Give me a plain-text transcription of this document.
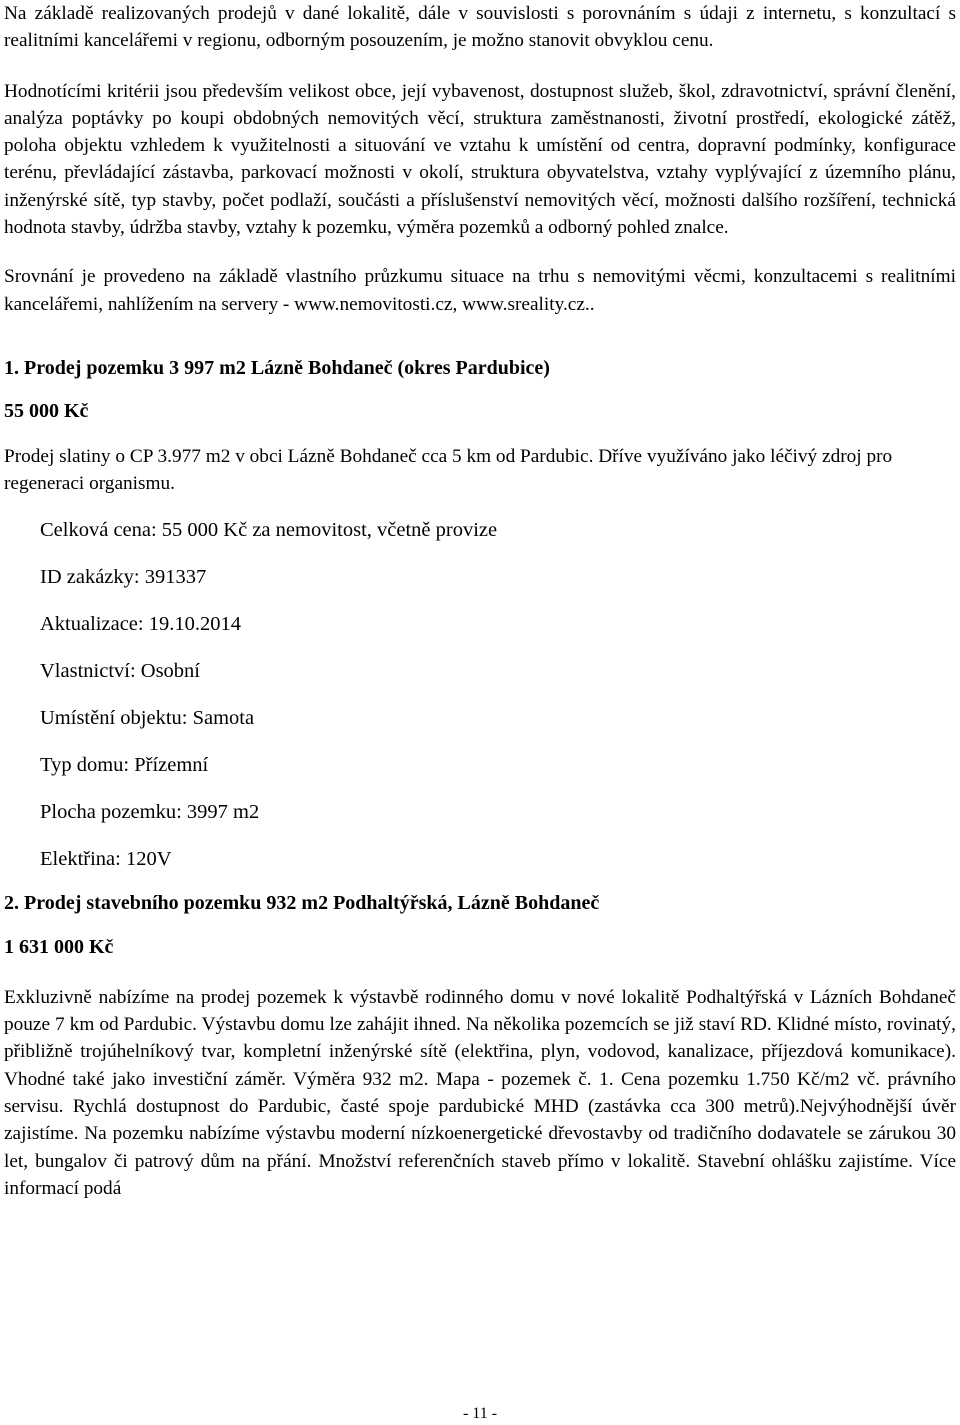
Na základě realizovaných prodejů v dané lokalitě, dále v souvislosti s porovnáním s údaji z internetu, s konzultací s realitními kancelářemi v regionu, odborným posouzením, je možno stanovit obvyklou cenu.

Hodnotícími kritérii jsou především velikost obce, její vybavenost, dostupnost služeb, škol, zdravotnictví, správní členění, analýza poptávky po koupi obdobných nemovitých věcí, struktura zaměstnanosti, životní prostředí, ekologické zátěž, poloha objektu vzhledem k využitelnosti a situování ve vztahu k umístění od centra, dopravní podmínky, konfigurace terénu, převládající zástavba, parkovací možnosti v okolí, struktura obyvatelstva, vztahy vyplývající z územního plánu, inženýrské sítě, typ stavby, počet podlaží, součásti a příslušenství nemovitých věcí, možnosti dalšího rozšíření, technická hodnota stavby, údržba stavby, vztahy k pozemku, výměra pozemků a odborný pohled znalce.

Srovnání je provedeno na základě vlastního průzkumu situace na trhu s nemovitými věcmi, konzultacemi s realitními kancelářemi, nahlížením na servery - www.nemovitosti.cz, www.sreality.cz..

1. Prodej pozemku 3 997 m2 Lázně Bohdaneč (okres Pardubice)

55 000 Kč

Prodej slatiny o CP 3.977 m2 v obci Lázně Bohdaneč cca 5 km od Pardubic. Dříve využíváno jako léčivý zdroj pro regeneraci organismu.

Celková cena: 55 000 Kč za nemovitost, včetně provize

ID zakázky: 391337

Aktualizace: 19.10.2014

Vlastnictví: Osobní

Umístění objektu: Samota

Typ domu: Přízemní

Plocha pozemku: 3997 m2

Elektřina: 120V

2. Prodej stavebního pozemku 932 m2 Podhaltýřská, Lázně Bohdaneč

1 631 000 Kč

Exkluzivně nabízíme na prodej pozemek k výstavbě rodinného domu v nové lokalitě Podhaltýřská v Lázních Bohdaneč pouze 7 km od Pardubic. Výstavbu domu lze zahájit ihned. Na několika pozemcích se již staví RD. Klidné místo, rovinatý, přibližně trojúhelníkový tvar, kompletní inženýrské sítě (elektřina, plyn, vodovod, kanalizace, příjezdová komunikace). Vhodné také jako investiční záměr. Výměra 932 m2. Mapa - pozemek č. 1. Cena pozemku 1.750 Kč/m2 vč. právního servisu. Rychlá dostupnost do Pardubic, časté spoje pardubické MHD (zastávka cca 300 metrů).Nejvýhodnější úvěr zajistíme. Na pozemku nabízíme výstavbu moderní nízkoenergetické dřevostavby od tradičního dodavatele se zárukou 30 let, bungalov či patrový dům na přání. Množství referenčních staveb přímo v lokalitě. Stavební ohlášku zajistíme. Více informací podá

- 11 -
